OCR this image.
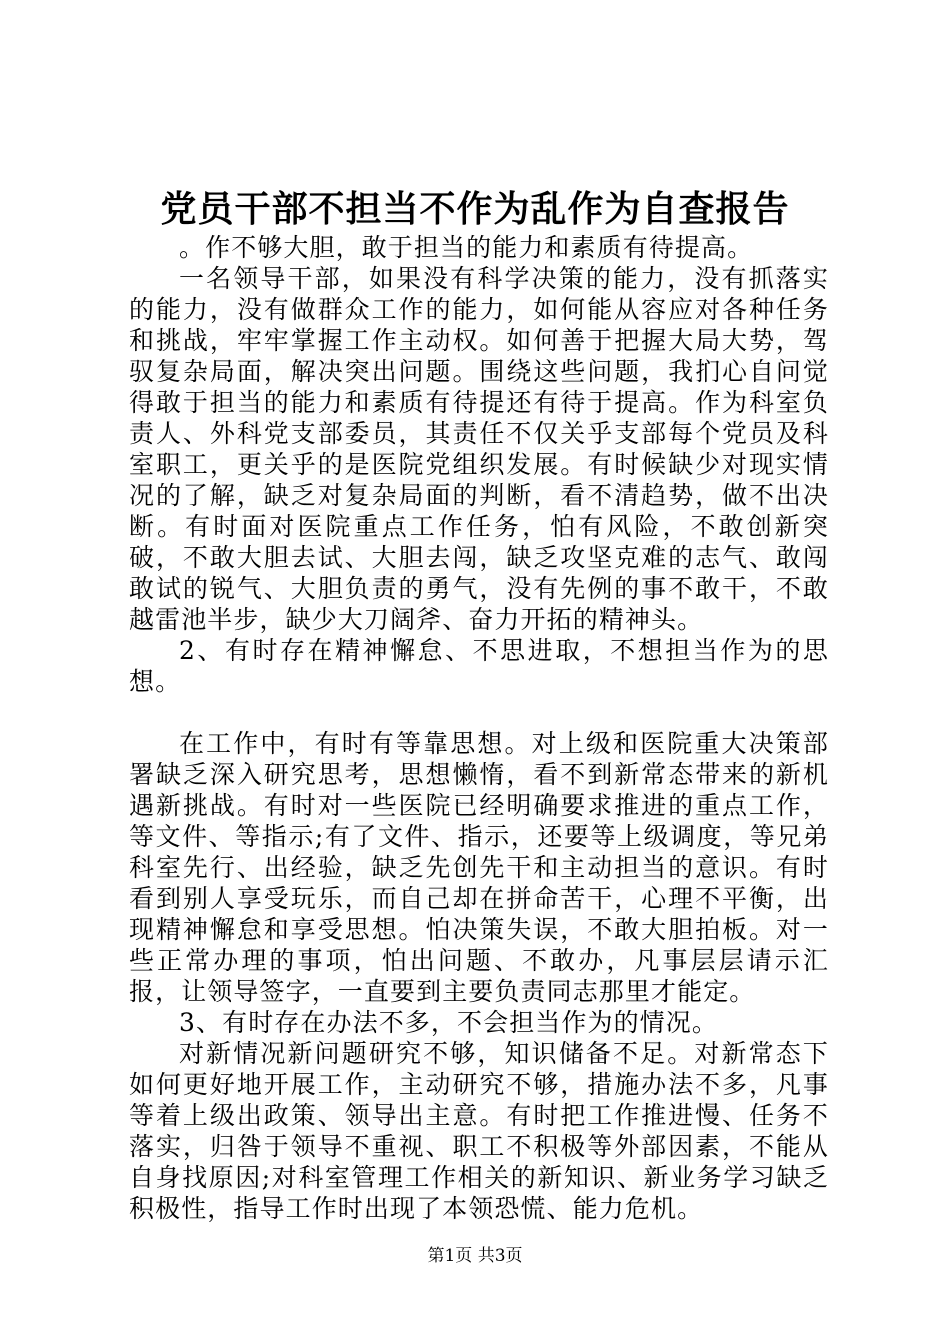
党员干部不担当不作为乱作为自查报告

。作不够大胆，敢于担当的能力和素质有待提高。

一名领导干部，如果没有科学决策的能力，没有抓落实的能力，没有做群众工作的能力，如何能从容应对各种任务和挑战，牢牢掌握工作主动权。如何善于把握大局大势，驾驭复杂局面，解决突出问题。围绕这些问题，我扪心自问觉得敢于担当的能力和素质有待提还有待于提高。作为科室负责人、外科党支部委员，其责任不仅关乎支部每个党员及科室职工，更关乎的是医院党组织发展。有时候缺少对现实情况的了解，缺乏对复杂局面的判断，看不清趋势，做不出决断。有时面对医院重点工作任务，怕有风险，不敢创新突破，不敢大胆去试、大胆去闯，缺乏攻坚克难的志气、敢闯敢试的锐气、大胆负责的勇气，没有先例的事不敢干，不敢越雷池半步，缺少大刀阔斧、奋力开拓的精神头。

2、有时存在精神懈怠、不思进取，不想担当作为的思想。

在工作中，有时有等靠思想。对上级和医院重大决策部署缺乏深入研究思考，思想懒惰，看不到新常态带来的新机遇新挑战。有时对一些医院已经明确要求推进的重点工作，等文件、等指示;有了文件、指示，还要等上级调度，等兄弟科室先行、出经验，缺乏先创先干和主动担当的意识。有时看到别人享受玩乐，而自己却在拼命苦干，心理不平衡，出现精神懈怠和享受思想。怕决策失误，不敢大胆拍板。对一些正常办理的事项，怕出问题、不敢办，凡事层层请示汇报，让领导签字，一直要到主要负责同志那里才能定。

3、有时存在办法不多，不会担当作为的情况。

对新情况新问题研究不够，知识储备不足。对新常态下如何更好地开展工作，主动研究不够，措施办法不多，凡事等着上级出政策、领导出主意。有时把工作推进慢、任务不落实，归咎于领导不重视、职工不积极等外部因素，不能从自身找原因;对科室管理工作相关的新知识、新业务学习缺乏积极性，指导工作时出现了本领恐慌、能力危机。

第1页 共3页
